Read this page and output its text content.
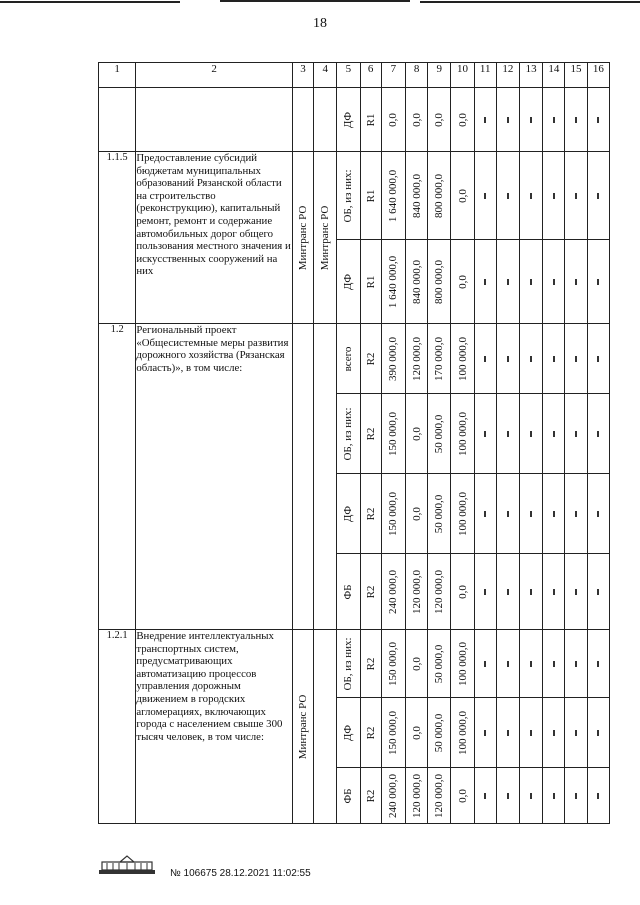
18
1	2	3	4	5	6	7	8	9	10	11	12	13	14	15	16

				ДФ	R1	0,0	0,0	0,0	0,0						

1.1.5	Предоставление субсидий бюджетам муниципальных образований Рязанской области на строительство (реконструкцию), капитальный ремонт, ремонт и содержание автомобильных дорог общего пользования местного значения и искусственных сооружений на них	Минтранс РО	Минтранс РО	ОБ, из них:	R1	1 640 000,0	840 000,0	800 000,0	0,0						

				ДФ	R1	1 640 000,0	840 000,0	800 000,0	0,0						

1.2	Региональный проект «Общесистемные меры развития дорожного хозяйства (Рязанская область)», в том числе:			всего	R2	390 000,0	120 000,0	170 000,0	100 000,0						

				ОБ, из них:	R2	150 000,0	0,0	50 000,0	100 000,0						

				ДФ	R2	150 000,0	0,0	50 000,0	100 000,0						

				ФБ	R2	240 000,0	120 000,0	120 000,0	0,0						

1.2.1	Внедрение интеллектуальных транспортных систем, предусматривающих автоматизацию процессов управления дорожным движением в городских агломерациях, включающих города с населением свыше 300 тысяч человек, в том числе:	Минтранс РО		ОБ, из них:	R2	150 000,0	0,0	50 000,0	100 000,0						

				ДФ	R2	150 000,0	0,0	50 000,0	100 000,0						

				ФБ	R2	240 000,0	120 000,0	120 000,0	0,0						

№ 106675 28.12.2021 11:02:55
